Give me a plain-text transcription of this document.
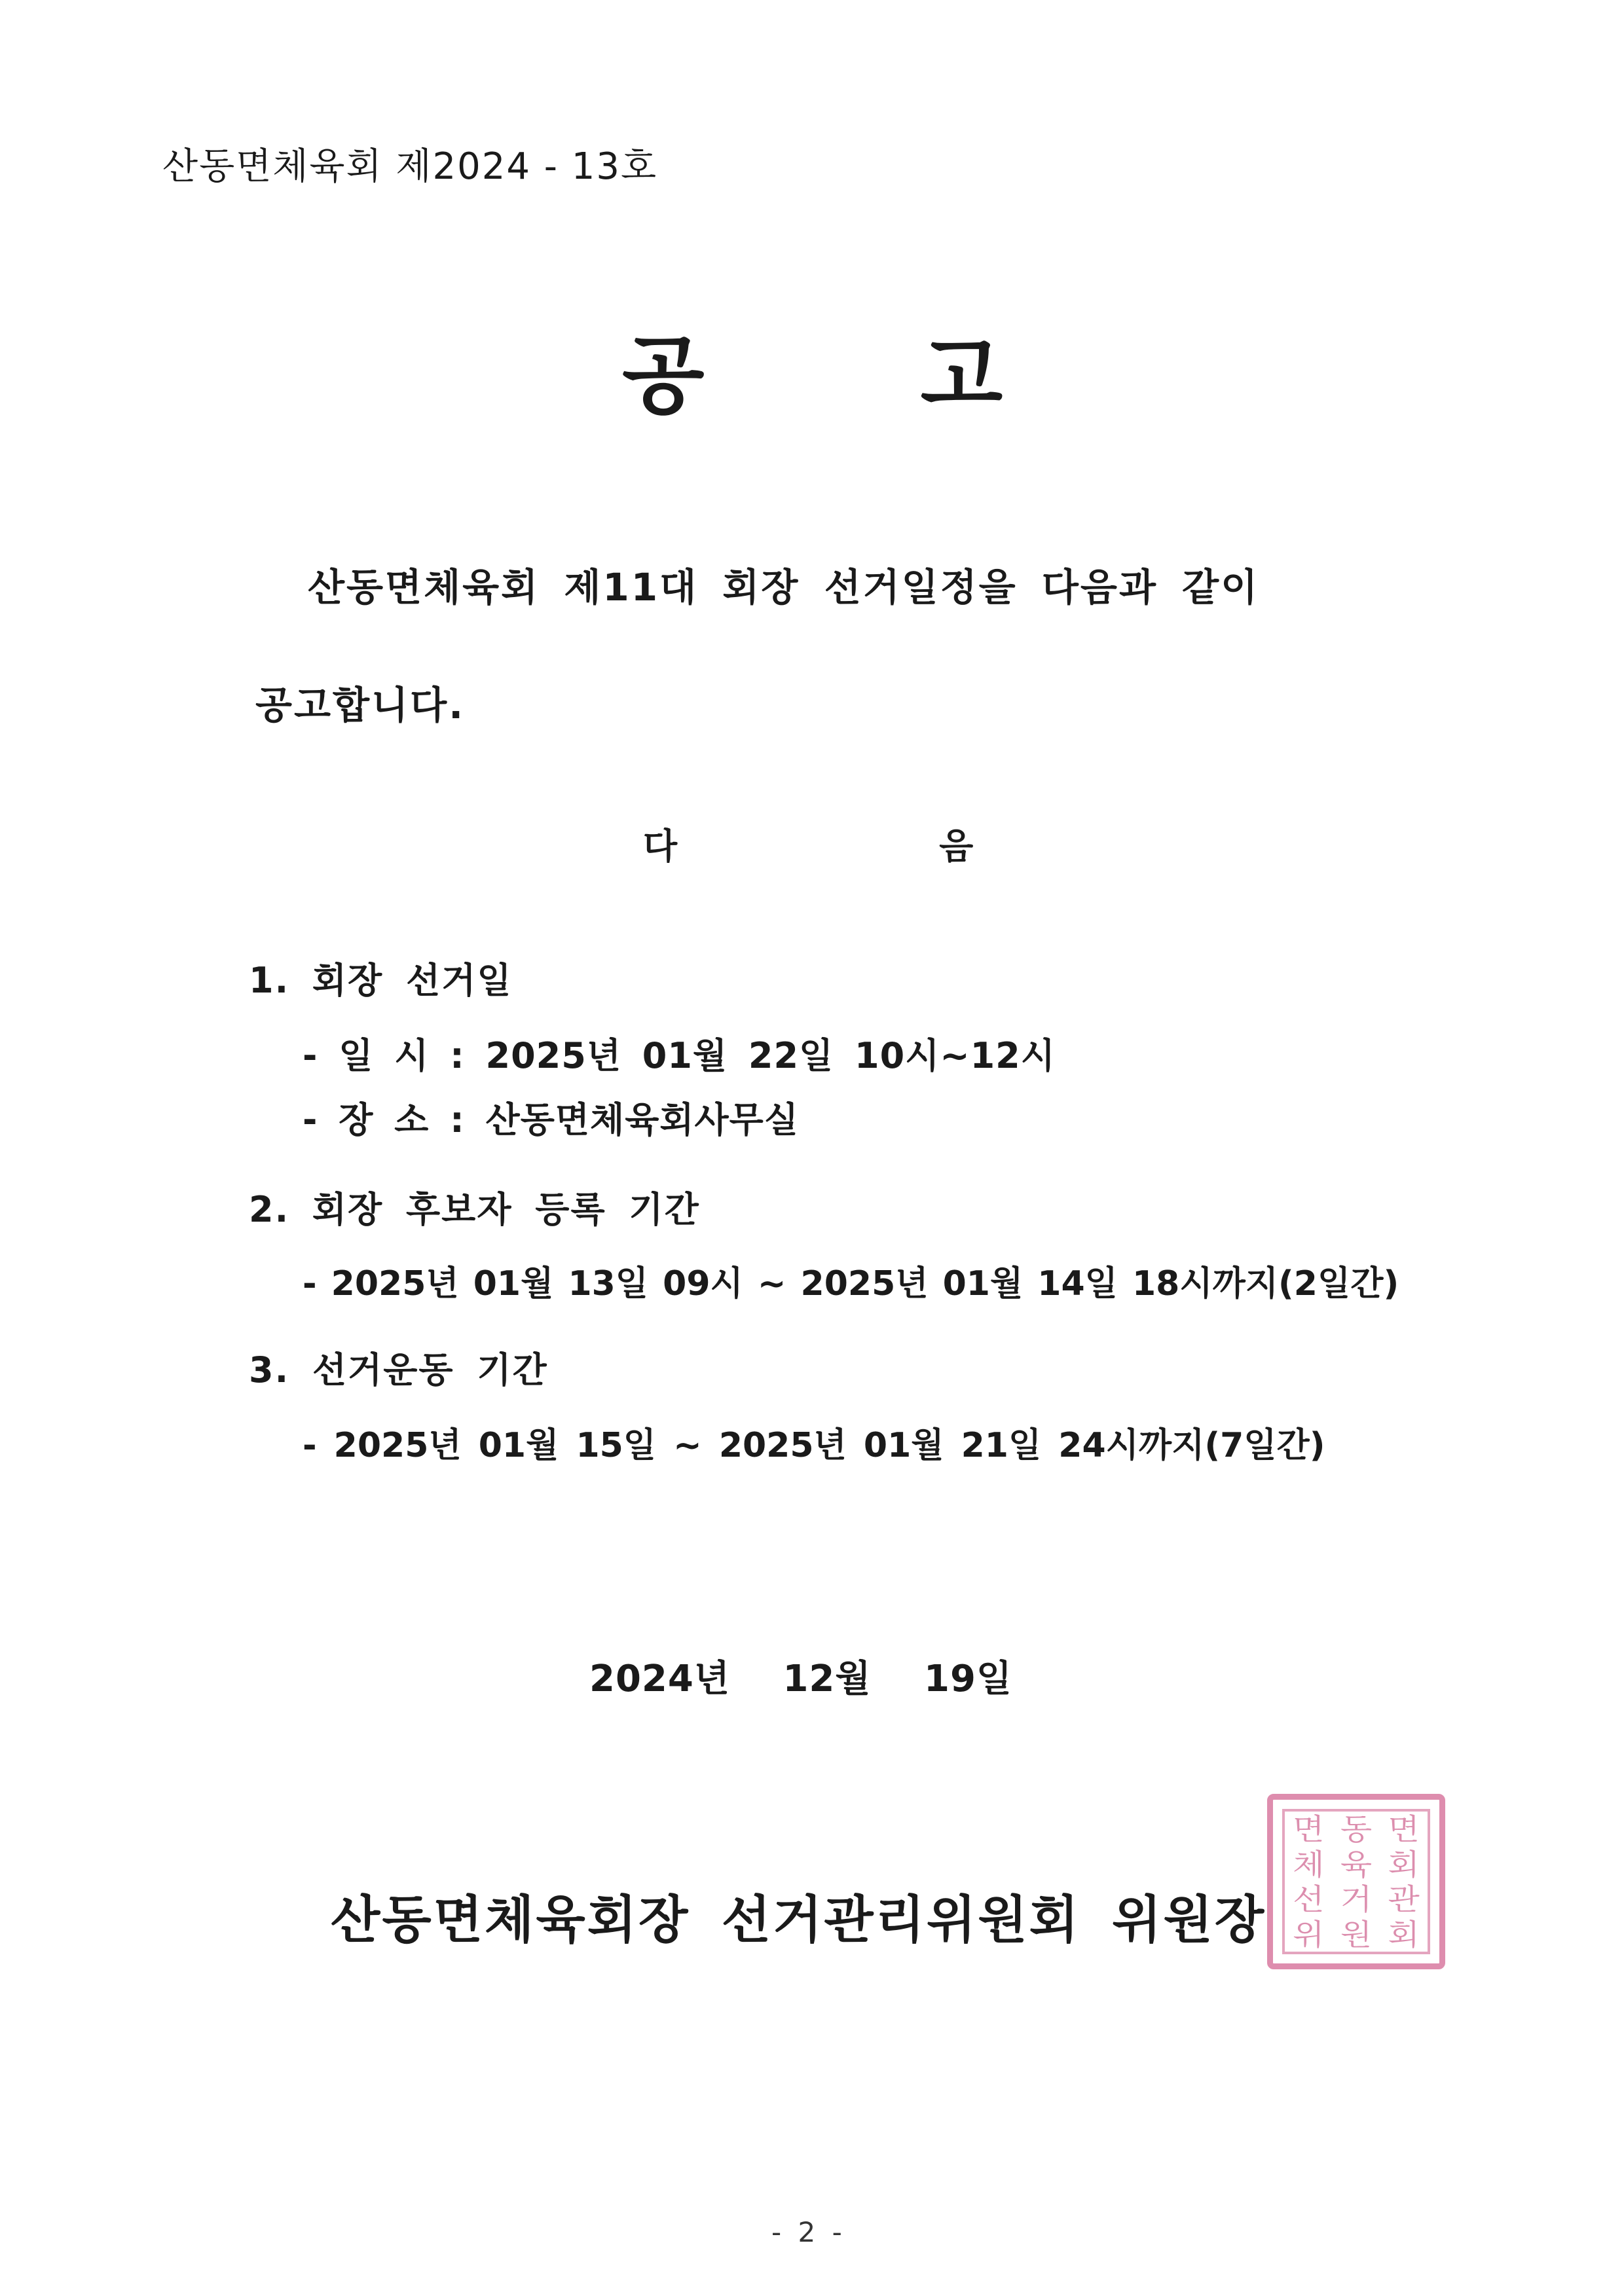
산동면체육회 제2024 - 13호
공고
산동면체육회 제11대 회장 선거일정을 다음과 같이
공고합니다.
다음
1. 회장 선거일
- 일 시 : 2025년 01월 22일 10시~12시
- 장 소 : 산동면체육회사무실
2. 회장 후보자 등록 기간
- 2025년 01월 13일 09시 ~ 2025년 01월 14일 18시까지(2일간)
3. 선거운동 기간
- 2025년 01월 15일 ~ 2025년 01월 21일 24시까지(7일간)
2024년 12월 19일
면 동 면
체 육 회
선 거 관
위 원 회
산동면체육회장 선거관리위원회 위원장
- 2 -
